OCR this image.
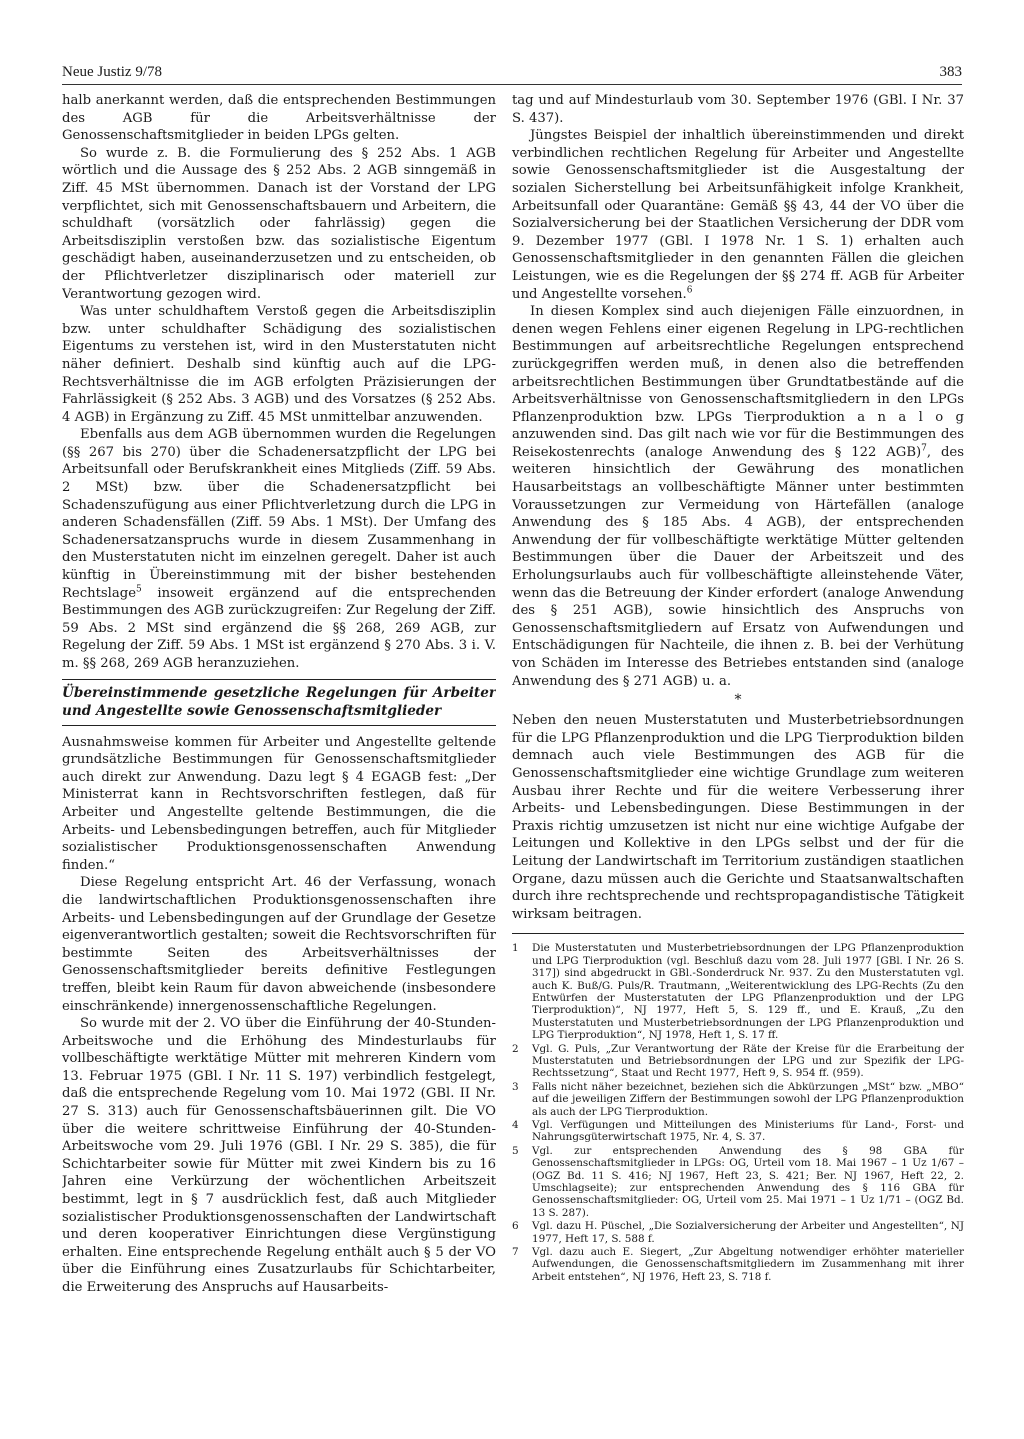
Neue Justiz 9/78	383

halb anerkannt werden, daß die entsprechenden Bestimmungen des AGB für die Arbeitsverhältnisse der Genossenschaftsmitglieder in beiden LPGs gelten.

So wurde z. B. die Formulierung des § 252 Abs. 1 AGB wörtlich und die Aussage des § 252 Abs. 2 AGB sinngemäß in Ziff. 45 MSt übernommen. Danach ist der Vorstand der LPG verpflichtet, sich mit Genossenschaftsbauern und Arbeitern, die schuldhaft (vorsätzlich oder fahrlässig) gegen die Arbeitsdisziplin verstoßen bzw. das sozialistische Eigentum geschädigt haben, auseinanderzusetzen und zu entscheiden, ob der Pflichtverletzer disziplinarisch oder materiell zur Verantwortung gezogen wird.

Was unter schuldhaftem Verstoß gegen die Arbeitsdisziplin bzw. unter schuldhafter Schädigung des sozialistischen Eigentums zu verstehen ist, wird in den Musterstatuten nicht näher definiert. Deshalb sind künftig auch auf die LPG-Rechtsverhältnisse die im AGB erfolgten Präzisierungen der Fahrlässigkeit (§ 252 Abs. 3 AGB) und des Vorsatzes (§ 252 Abs. 4 AGB) in Ergänzung zu Ziff. 45 MSt unmittelbar anzuwenden.

Ebenfalls aus dem AGB übernommen wurden die Regelungen (§§ 267 bis 270) über die Schadenersatzpflicht der LPG bei Arbeitsunfall oder Berufskrankheit eines Mitglieds (Ziff. 59 Abs. 2 MSt) bzw. über die Schadenersatzpflicht bei Schadenszufügung aus einer Pflichtverletzung durch die LPG in anderen Schadensfällen (Ziff. 59 Abs. 1 MSt). Der Umfang des Schadenersatzanspruchs wurde in diesem Zusammenhang in den Musterstatuten nicht im einzelnen geregelt. Daher ist auch künftig in Übereinstimmung mit der bisher bestehenden Rechtslage$^5$ insoweit ergänzend auf die entsprechenden Bestimmungen des AGB zurückzugreifen: Zur Regelung der Ziff. 59 Abs. 2 MSt sind ergänzend die §§ 268, 269 AGB, zur Regelung der Ziff. 59 Abs. 1 MSt ist ergänzend § 270 Abs. 3 i. V. m. §§ 268, 269 AGB heranzuziehen.

Übereinstimmende gesetzliche Regelungen für Arbeiter und Angestellte sowie Genossenschaftsmitglieder

Ausnahmsweise kommen für Arbeiter und Angestellte geltende grundsätzliche Bestimmungen für Genossenschaftsmitglieder auch direkt zur Anwendung. Dazu legt § 4 EGAGB fest: „Der Ministerrat kann in Rechtsvorschriften festlegen, daß für Arbeiter und Angestellte geltende Bestimmungen, die die Arbeits- und Lebensbedingungen betreffen, auch für Mitglieder sozialistischer Produktionsgenossenschaften Anwendung finden.“

Diese Regelung entspricht Art. 46 der Verfassung, wonach die landwirtschaftlichen Produktionsgenossenschaften ihre Arbeits- und Lebensbedingungen auf der Grundlage der Gesetze eigenverantwortlich gestalten; soweit die Rechtsvorschriften für bestimmte Seiten des Arbeitsverhältnisses der Genossenschaftsmitglieder bereits definitive Festlegungen treffen, bleibt kein Raum für davon abweichende (insbesondere einschränkende) innergenossenschaftliche Regelungen.

So wurde mit der 2. VO über die Einführung der 40-Stunden-Arbeitswoche und die Erhöhung des Mindesturlaubs für vollbeschäftigte werktätige Mütter mit mehreren Kindern vom 13. Februar 1975 (GBl. I Nr. 11 S. 197) verbindlich festgelegt, daß die entsprechende Regelung vom 10. Mai 1972 (GBl. II Nr. 27 S. 313) auch für Genossenschaftsbäuerinnen gilt. Die VO über die weitere schrittweise Einführung der 40-Stunden-Arbeitswoche vom 29. Juli 1976 (GBl. I Nr. 29 S. 385), die für Schichtarbeiter sowie für Mütter mit zwei Kindern bis zu 16 Jahren eine Verkürzung der wöchentlichen Arbeitszeit bestimmt, legt in § 7 ausdrücklich fest, daß auch Mitglieder sozialistischer Produktionsgenossenschaften der Landwirtschaft und deren kooperativer Einrichtungen diese Vergünstigung erhalten. Eine entsprechende Regelung enthält auch § 5 der VO über die Einführung eines Zusatzurlaubs für Schichtarbeiter, die Erweiterung des Anspruchs auf Hausarbeits-

tag und auf Mindesturlaub vom 30. September 1976 (GBl. I Nr. 37 S. 437).

Jüngstes Beispiel der inhaltlich übereinstimmenden und direkt verbindlichen rechtlichen Regelung für Arbeiter und Angestellte sowie Genossenschaftsmitglieder ist die Ausgestaltung der sozialen Sicherstellung bei Arbeitsunfähigkeit infolge Krankheit, Arbeitsunfall oder Quarantäne: Gemäß §§ 43, 44 der VO über die Sozialversicherung bei der Staatlichen Versicherung der DDR vom 9. Dezember 1977 (GBl. I 1978 Nr. 1 S. 1) erhalten auch Genossenschaftsmitglieder in den genannten Fällen die gleichen Leistungen, wie es die Regelungen der §§ 274 ff. AGB für Arbeiter und Angestellte vorsehen.$^6$

In diesen Komplex sind auch diejenigen Fälle einzuordnen, in denen wegen Fehlens einer eigenen Regelung in LPG-rechtlichen Bestimmungen auf arbeitsrechtliche Regelungen entsprechend zurückgegriffen werden muß, in denen also die betreffenden arbeitsrechtlichen Bestimmungen über Grundtatbestände auf die Arbeitsverhältnisse von Genossenschaftsmitgliedern in den LPGs Pflanzenproduktion bzw. LPGs Tierproduktion a n a l o g anzuwenden sind. Das gilt nach wie vor für die Bestimmungen des Reisekostenrechts (analoge Anwendung des § 122 AGB)$^7$, des weiteren hinsichtlich der Gewährung des monatlichen Hausarbeitstags an vollbeschäftigte Männer unter bestimmten Voraussetzungen zur Vermeidung von Härtefällen (analoge Anwendung des § 185 Abs. 4 AGB), der entsprechenden Anwendung der für vollbeschäftigte werktätige Mütter geltenden Bestimmungen über die Dauer der Arbeitszeit und des Erholungsurlaubs auch für vollbeschäftigte alleinstehende Väter, wenn das die Betreuung der Kinder erfordert (analoge Anwendung des § 251 AGB), sowie hinsichtlich des Anspruchs von Genossenschaftsmitgliedern auf Ersatz von Aufwendungen und Entschädigungen für Nachteile, die ihnen z. B. bei der Verhütung von Schäden im Interesse des Betriebes entstanden sind (analoge Anwendung des § 271 AGB) u. a.

*

Neben den neuen Musterstatuten und Musterbetriebsordnungen für die LPG Pflanzenproduktion und die LPG Tierproduktion bilden demnach auch viele Bestimmungen des AGB für die Genossenschaftsmitglieder eine wichtige Grundlage zum weiteren Ausbau ihrer Rechte und für die weitere Verbesserung ihrer Arbeits- und Lebensbedingungen. Diese Bestimmungen in der Praxis richtig umzusetzen ist nicht nur eine wichtige Aufgabe der Leitungen und Kollektive in den LPGs selbst und der für die Leitung der Landwirtschaft im Territorium zuständigen staatlichen Organe, dazu müssen auch die Gerichte und Staatsanwaltschaften durch ihre rechtsprechende und rechtspropagandistische Tätigkeit wirksam beitragen.

1	Die Musterstatuten und Musterbetriebsordnungen der LPG Pflanzenproduktion und LPG Tierproduktion (vgl. Beschluß dazu vom 28. Juli 1977 [GBl. I Nr. 26 S. 317]) sind abgedruckt in GBl.-Sonderdruck Nr. 937. Zu den Musterstatuten vgl. auch K. Buß/G. Puls/R. Trautmann, „Weiterentwicklung des LPG-Rechts (Zu den Entwürfen der Musterstatuten der LPG Pflanzenproduktion und der LPG Tierproduktion)“, NJ 1977, Heft 5, S. 129 ff., und E. Krauß, „Zu den Musterstatuten und Musterbetriebsordnungen der LPG Pflanzenproduktion und LPG Tierproduktion“, NJ 1978, Heft 1, S. 17 ff.
2	Vgl. G. Puls, „Zur Verantwortung der Räte der Kreise für die Erarbeitung der Musterstatuten und Betriebsordnungen der LPG und zur Spezifik der LPG-Rechtssetzung“, Staat und Recht 1977, Heft 9, S. 954 ff. (959).
3	Falls nicht näher bezeichnet, beziehen sich die Abkürzungen „MSt“ bzw. „MBO“ auf die jeweiligen Ziffern der Bestimmungen sowohl der LPG Pflanzenproduktion als auch der LPG Tierproduktion.
4	Vgl. Verfügungen und Mitteilungen des Ministeriums für Land-, Forst- und Nahrungsgüterwirtschaft 1975, Nr. 4, S. 37.
5	Vgl. zur entsprechenden Anwendung des § 98 GBA für Genossenschaftsmitglieder in LPGs: OG, Urteil vom 18. Mai 1967 – 1 Uz 1/67 – (OGZ Bd. 11 S. 416; NJ 1967, Heft 23, S. 421; Ber. NJ 1967, Heft 22, 2. Umschlagseite); zur entsprechenden Anwendung des § 116 GBA für Genossenschaftsmitglieder: OG, Urteil vom 25. Mai 1971 – 1 Uz 1/71 – (OGZ Bd. 13 S. 287).
6	Vgl. dazu H. Püschel, „Die Sozialversicherung der Arbeiter und Angestellten“, NJ 1977, Heft 17, S. 588 f.
7	Vgl. dazu auch E. Siegert, „Zur Abgeltung notwendiger erhöhter materieller Aufwendungen, die Genossenschaftsmitgliedern im Zusammenhang mit ihrer Arbeit entstehen“, NJ 1976, Heft 23, S. 718 f.
